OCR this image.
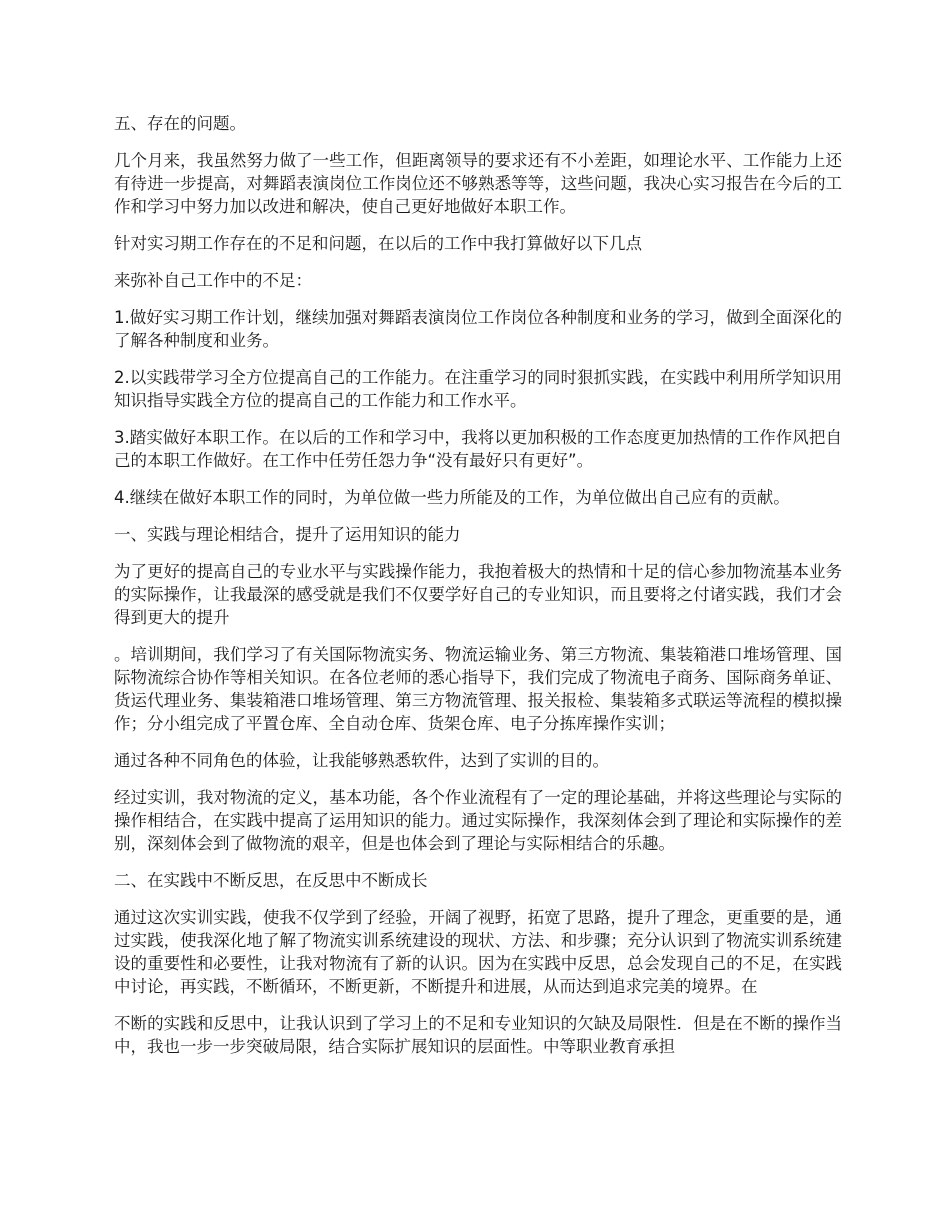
五、存在的问题。

几个月来，我虽然努力做了一些工作，但距离领导的要求还有不小差距，如理论水平、工作能力上还有待进一步提高，对舞蹈表演岗位工作岗位还不够熟悉等等，这些问题，我决心实习报告在今后的工作和学习中努力加以改进和解决，使自己更好地做好本职工作。

针对实习期工作存在的不足和问题，在以后的工作中我打算做好以下几点

来弥补自己工作中的不足：

1.做好实习期工作计划，继续加强对舞蹈表演岗位工作岗位各种制度和业务的学习，做到全面深化的了解各种制度和业务。

2.以实践带学习全方位提高自己的工作能力。在注重学习的同时狠抓实践，在实践中利用所学知识用知识指导实践全方位的提高自己的工作能力和工作水平。

3.踏实做好本职工作。在以后的工作和学习中，我将以更加积极的工作态度更加热情的工作作风把自己的本职工作做好。在工作中任劳任怨力争“没有最好只有更好”。

4.继续在做好本职工作的同时，为单位做一些力所能及的工作，为单位做出自己应有的贡献。

一、实践与理论相结合，提升了运用知识的能力

为了更好的提高自己的专业水平与实践操作能力，我抱着极大的热情和十足的信心参加物流基本业务的实际操作，让我最深的感受就是我们不仅要学好自己的专业知识，而且要将之付诸实践，我们才会得到更大的提升

。培训期间，我们学习了有关国际物流实务、物流运输业务、第三方物流、集装箱港口堆场管理、国际物流综合协作等相关知识。在各位老师的悉心指导下，我们完成了物流电子商务、国际商务单证、货运代理业务、集装箱港口堆场管理、第三方物流管理、报关报检、集装箱多式联运等流程的模拟操作；分小组完成了平置仓库、全自动仓库、货架仓库、电子分拣库操作实训；

通过各种不同角色的体验，让我能够熟悉软件，达到了实训的目的。

经过实训，我对物流的定义，基本功能，各个作业流程有了一定的理论基础，并将这些理论与实际的操作相结合，在实践中提高了运用知识的能力。通过实际操作，我深刻体会到了理论和实际操作的差别，深刻体会到了做物流的艰辛，但是也体会到了理论与实际相结合的乐趣。

二、在实践中不断反思，在反思中不断成长

通过这次实训实践，使我不仅学到了经验，开阔了视野，拓宽了思路，提升了理念，更重要的是，通过实践，使我深化地了解了物流实训系统建设的现状、方法、和步骤；充分认识到了物流实训系统建设的重要性和必要性，让我对物流有了新的认识。因为在实践中反思，总会发现自己的不足，在实践中讨论，再实践，不断循环，不断更新，不断提升和进展，从而达到追求完美的境界。在

不断的实践和反思中，让我认识到了学习上的不足和专业知识的欠缺及局限性．但是在不断的操作当中，我也一步一步突破局限，结合实际扩展知识的层面性。中等职业教育承担
